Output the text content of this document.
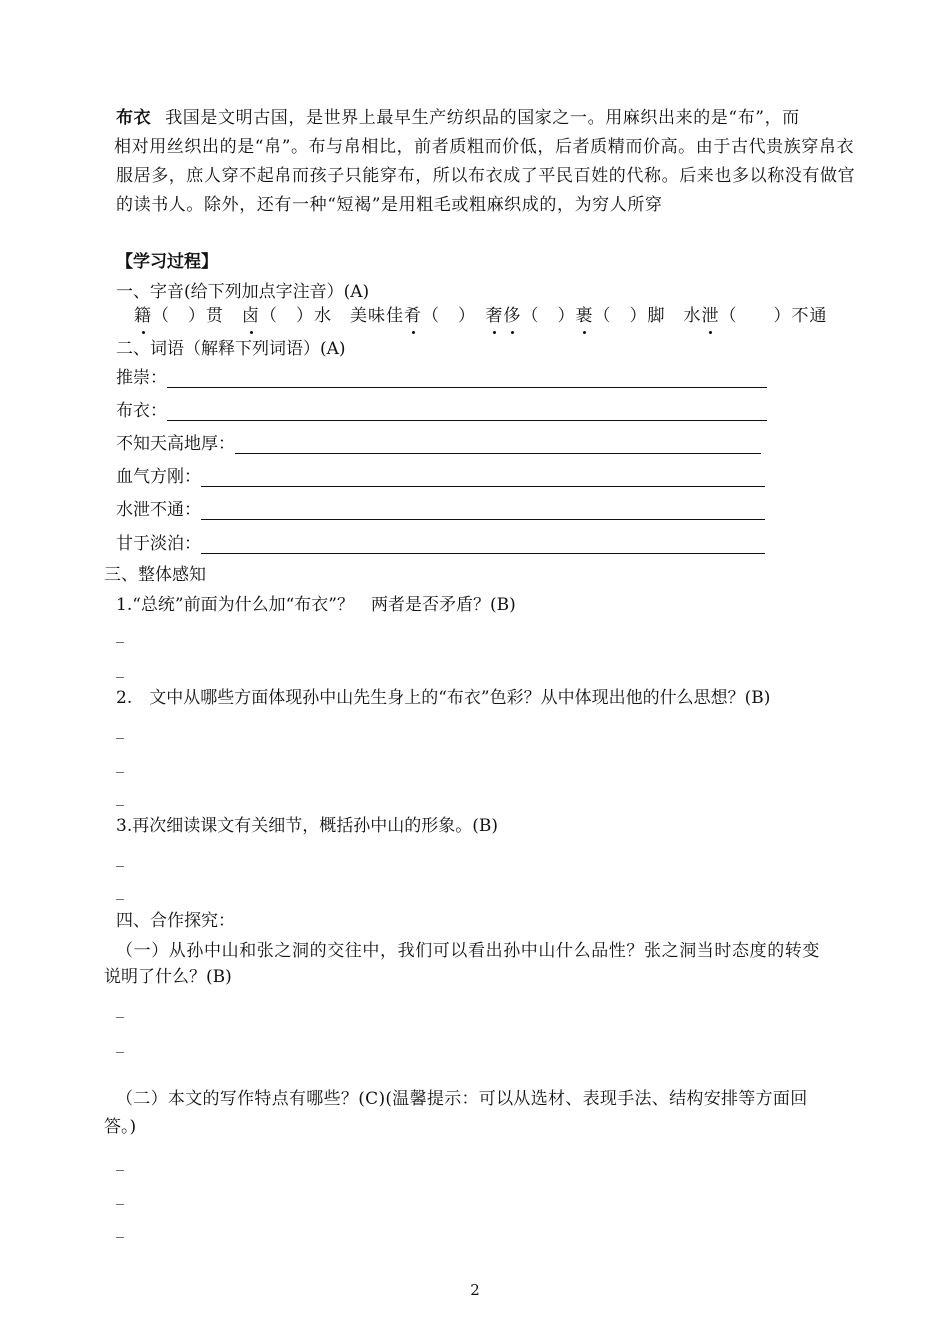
布衣 我国是文明古国，是世界上最早生产纺织品的国家之一。用麻织出来的是“布”，而
相对用丝织出的是“帛”。布与帛相比，前者质粗而价低，后者质精而价高。由于古代贵族穿帛衣
服居多，庶人穿不起帛而孩子只能穿布，所以布衣成了平民百姓的代称。后来也多以称没有做官
的读书人。除外，还有一种“短褐”是用粗毛或粗麻织成的，为穷人所穿
【学习过程】
一、字音(给下列加点字注音）(A)
籍（　）贯　卤（　）水　美味佳肴（　）　奢侈（　）裹（　）脚　水泄（　　）不通
二、词语（解释下列词语）(A)
推崇：
布衣：
不知天高地厚：
血气方刚：
水泄不通：
甘于淡泊：
三、整体感知
1.“总统”前面为什么加“布衣”？　两者是否矛盾？(B)
_
_
2.　文中从哪些方面体现孙中山先生身上的“布衣”色彩？从中体现出他的什么思想？(B)
_
_
_
3.再次细读课文有关细节，概括孙中山的形象。(B)
_
_
四、合作探究：
（一）从孙中山和张之洞的交往中，我们可以看出孙中山什么品性？张之洞当时态度的转变
说明了什么？(B)
_
_
（二）本文的写作特点有哪些？(C)(温馨提示：可以从选材、表现手法、结构安排等方面回
答。)
_
_
_
2
